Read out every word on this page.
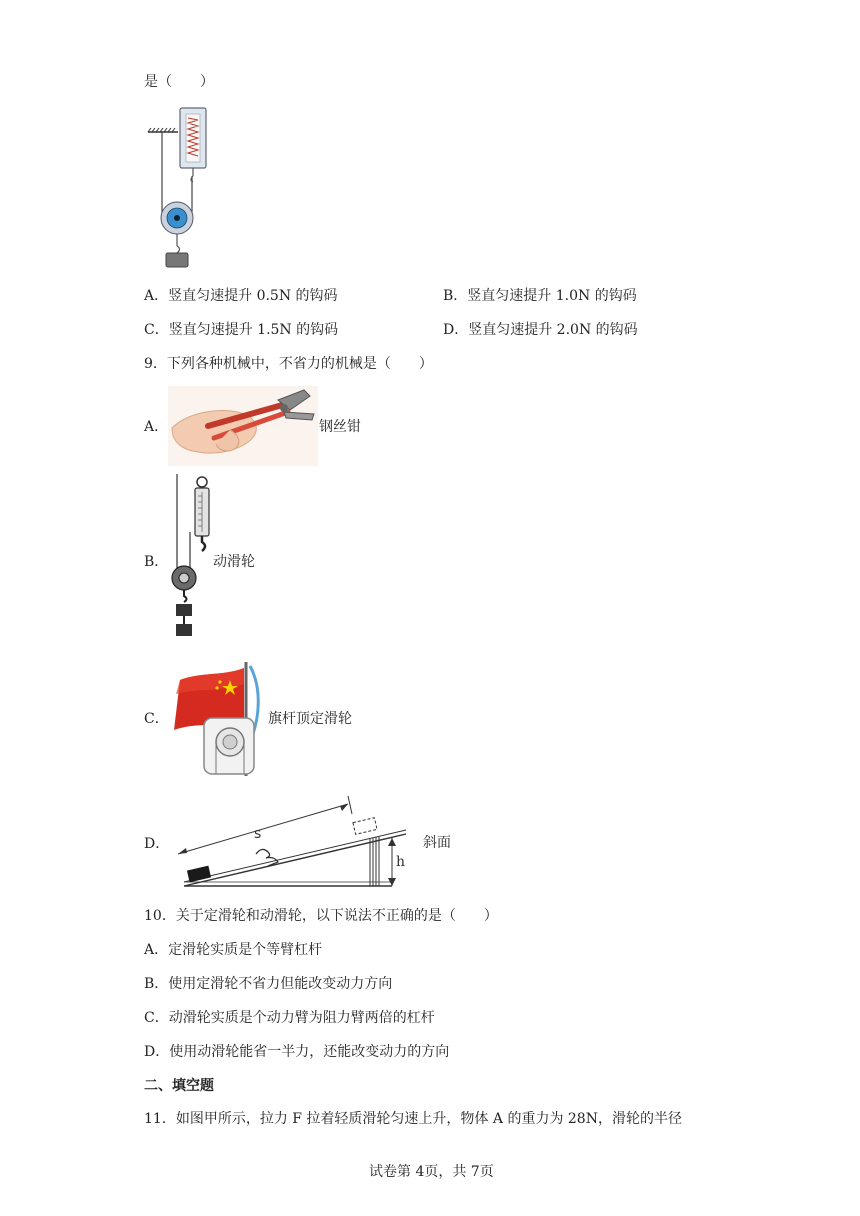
是（　　）
A．竖直匀速提升 0.5N 的钩码	B．竖直匀速提升 1.0N 的钩码
C．竖直匀速提升 1.5N 的钩码	D．竖直匀速提升 2.0N 的钩码
9．下列各种机械中，不省力的机械是（　　）
A．	钢丝钳
B．	动滑轮
C．	旗杆顶定滑轮
D．
s
h
斜面
10．关于定滑轮和动滑轮，以下说法不正确的是（　　）
A．定滑轮实质是个等臂杠杆
B．使用定滑轮不省力但能改变动力方向
C．动滑轮实质是个动力臂为阻力臂两倍的杠杆
D．使用动滑轮能省一半力，还能改变动力的方向
二、填空题
11．如图甲所示，拉力 F 拉着轻质滑轮匀速上升，物体 A 的重力为 28N，滑轮的半径
试卷第 4页，共 7页
